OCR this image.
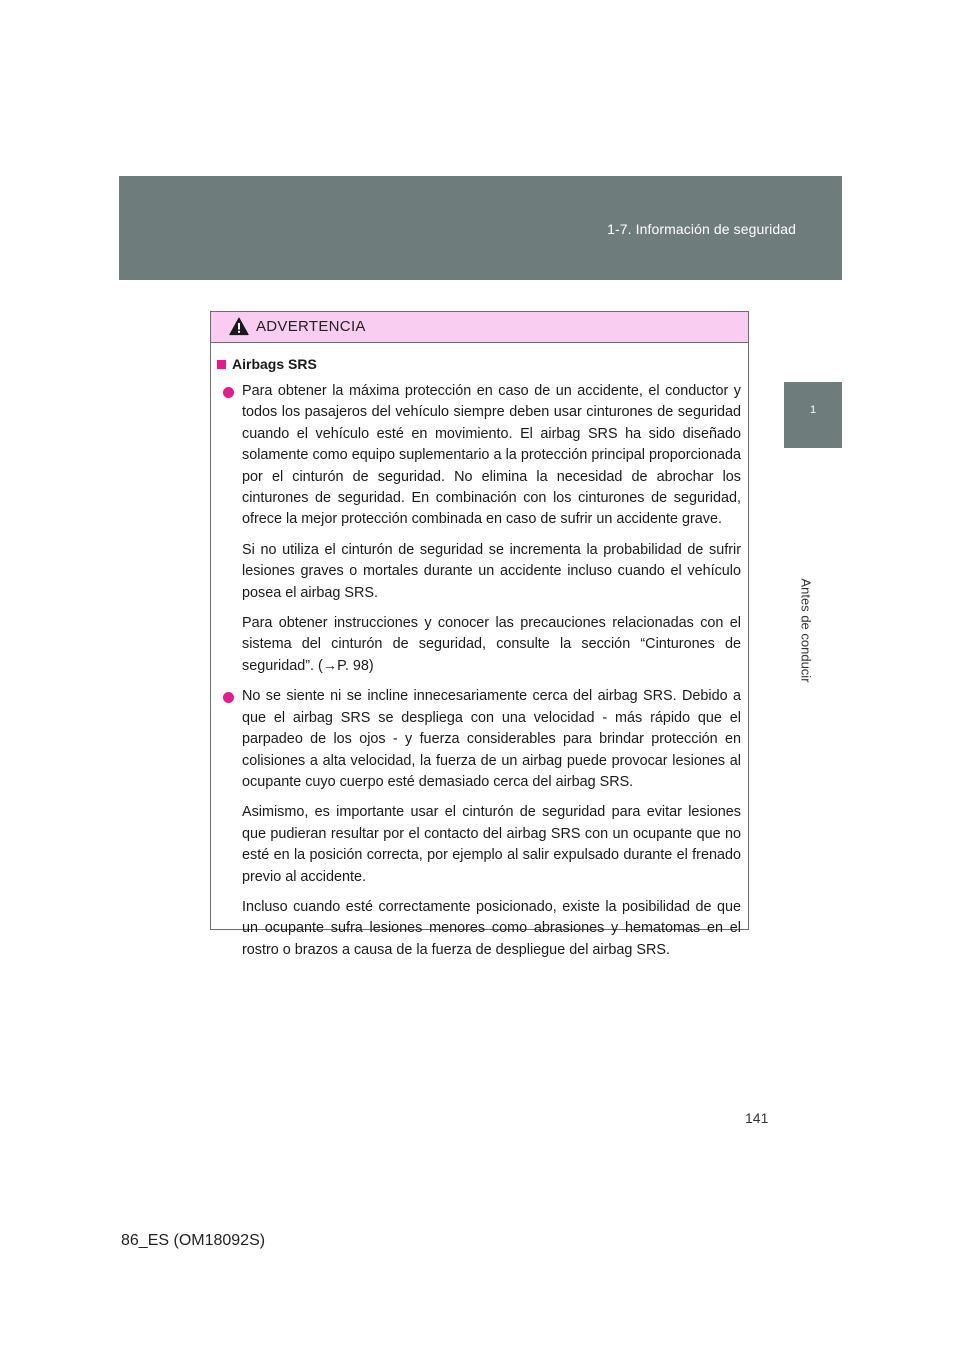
1-7. Información de seguridad
1
Antes de conducir
ADVERTENCIA
Airbags SRS

Para obtener la máxima protección en caso de un accidente, el conductor y todos los pasajeros del vehículo siempre deben usar cinturones de seguridad cuando el vehículo esté en movimiento. El airbag SRS ha sido diseñado solamente como equipo suplementario a la protección principal proporcionada por el cinturón de seguridad. No elimina la necesidad de abrochar los cinturones de seguridad. En combinación con los cinturones de seguridad, ofrece la mejor protección combinada en caso de sufrir un accidente grave.

Si no utiliza el cinturón de seguridad se incrementa la probabilidad de sufrir lesiones graves o mortales durante un accidente incluso cuando el vehículo posea el airbag SRS.

Para obtener instrucciones y conocer las precauciones relacionadas con el sistema del cinturón de seguridad, consulte la sección “Cinturones de seguridad”. (→P. 98)

No se siente ni se incline innecesariamente cerca del airbag SRS. Debido a que el airbag SRS se despliega con una velocidad - más rápido que el parpadeo de los ojos - y fuerza considerables para brindar protección en colisiones a alta velocidad, la fuerza de un airbag puede provocar lesiones al ocupante cuyo cuerpo esté demasiado cerca del airbag SRS.

Asimismo, es importante usar el cinturón de seguridad para evitar lesiones que pudieran resultar por el contacto del airbag SRS con un ocupante que no esté en la posición correcta, por ejemplo al salir expulsado durante el frenado previo al accidente.

Incluso cuando esté correctamente posicionado, existe la posibilidad de que un ocupante sufra lesiones menores como abrasiones y hematomas en el rostro o brazos a causa de la fuerza de despliegue del airbag SRS.

141
86_ES (OM18092S)
